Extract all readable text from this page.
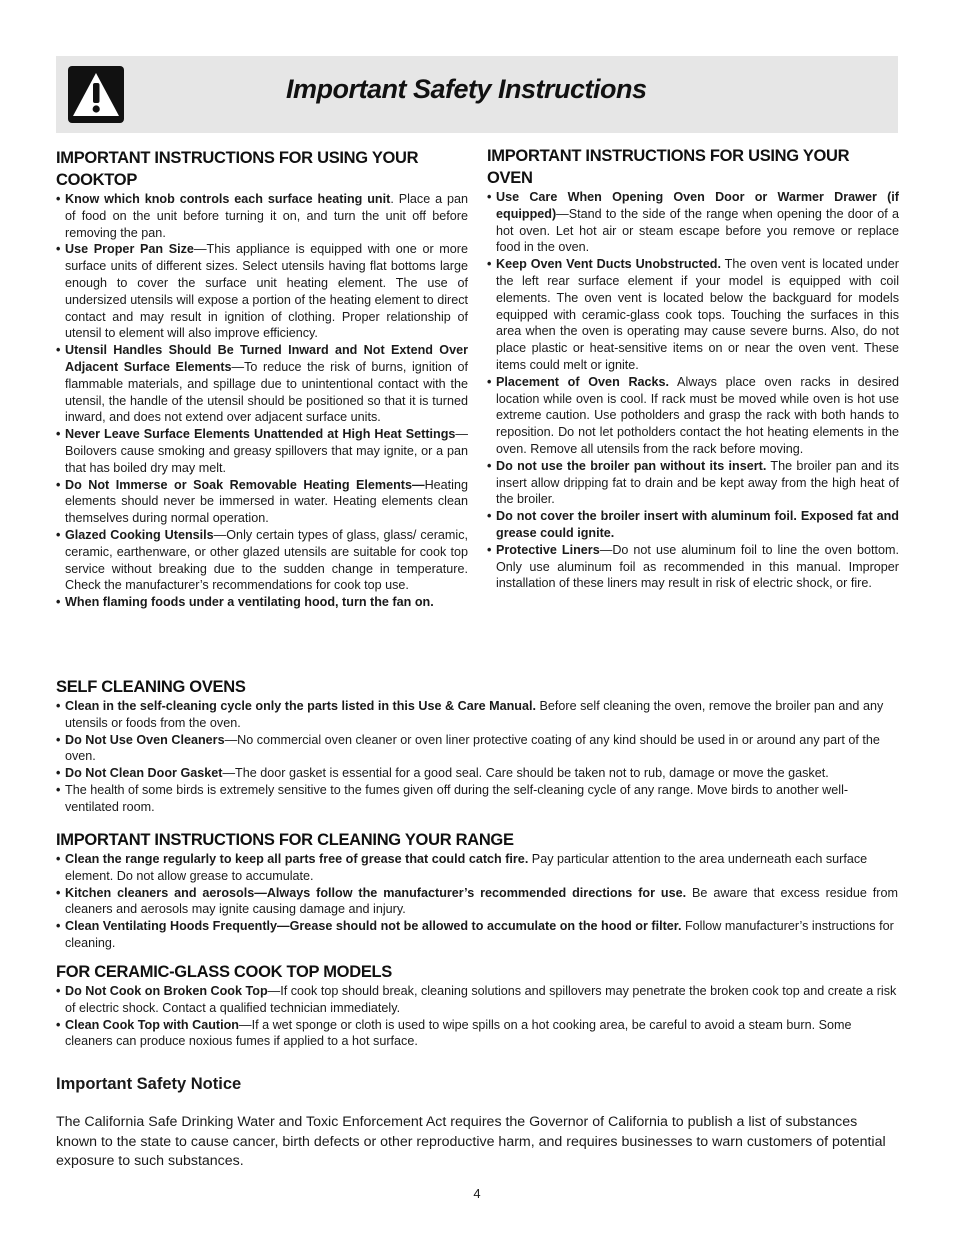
Important Safety Instructions
IMPORTANT INSTRUCTIONS FOR USING YOUR COOKTOP
• Know which knob controls each surface heating unit. Place a pan of food on the unit before turning it on, and turn the unit off before removing the pan.
• Use Proper Pan Size—This appliance is equipped with one or more surface units of different sizes. Select utensils having flat bottoms large enough to cover the surface unit heating element. The use of undersized utensils will expose a portion of the heating element to direct contact and may result in ignition of clothing. Proper relationship of utensil to element will also improve efficiency.
• Utensil Handles Should Be Turned Inward and Not Extend Over Adjacent Surface Elements—To reduce the risk of burns, ignition of flammable materials, and spillage due to unintentional contact with the utensil, the handle of the utensil should be positioned so that it is turned inward, and does not extend over adjacent surface units.
• Never Leave Surface Elements Unattended at High Heat Settings—Boilovers cause smoking and greasy spillovers that may ignite, or a pan that has boiled dry may melt.
• Do Not Immerse or Soak Removable Heating Elements—Heating elements should never be immersed in water. Heating elements clean themselves during normal operation.
• Glazed Cooking Utensils—Only certain types of glass, glass/ ceramic, ceramic, earthenware, or other glazed utensils are suitable for cook top service without breaking due to the sudden change in temperature. Check the manufacturer’s recommendations for cook top use.
• When flaming foods under a ventilating hood, turn the fan on.
IMPORTANT INSTRUCTIONS FOR USING YOUR OVEN
• Use Care When Opening Oven Door or Warmer Drawer (if equipped)—Stand to the side of the range when opening the door of a hot oven. Let hot air or steam escape before you remove or replace food in the oven.
• Keep Oven Vent Ducts Unobstructed. The oven vent is located under the left rear surface element if your model is equipped with coil elements. The oven vent is located below the backguard for models equipped with ceramic-glass cook tops. Touching the surfaces in this area when the oven is operating may cause severe burns. Also, do not place plastic or heat-sensitive items on or near the oven vent. These items could melt or ignite.
• Placement of Oven Racks. Always place oven racks in desired location while oven is cool. If rack must be moved while oven is hot use extreme caution. Use potholders and grasp the rack with both hands to reposition. Do not let potholders contact the hot heating elements in the oven. Remove all utensils from the rack before moving.
• Do not use the broiler pan without its insert. The broiler pan and its insert allow dripping fat to drain and be kept away from the high heat of the broiler.
• Do not cover the broiler insert with aluminum foil. Exposed fat and grease could ignite.
• Protective Liners—Do not use aluminum foil to line the oven bottom. Only use aluminum foil as recommended in this manual. Improper installation of these liners may result in risk of electric shock, or fire.
SELF CLEANING OVENS
• Clean in the self-cleaning cycle only the parts listed in this Use & Care Manual. Before self cleaning the oven, remove the broiler pan and any utensils or foods from the oven.
• Do Not Use Oven Cleaners—No commercial oven cleaner or oven liner protective coating of any kind should be used in or around any part of the oven.
• Do Not Clean Door Gasket—The door gasket is essential for a good seal. Care should be taken not to rub, damage or move the gasket.
• The health of some birds is extremely sensitive to the fumes given off during the self-cleaning cycle of any range. Move birds to another well-ventilated room.
IMPORTANT INSTRUCTIONS FOR CLEANING YOUR RANGE
• Clean the range regularly to keep all parts free of grease that could catch fire. Pay particular attention to the area underneath each surface element. Do not allow grease to accumulate.
• Kitchen cleaners and aerosols—Always follow the manufacturer’s recommended directions for use. Be aware that excess residue from cleaners and aerosols may ignite causing damage and injury.
• Clean Ventilating Hoods Frequently—Grease should not be allowed to accumulate on the hood or filter. Follow manufacturer’s instructions for cleaning.
FOR CERAMIC-GLASS COOK TOP MODELS
• Do Not Cook on Broken Cook Top—If cook top should break, cleaning solutions and spillovers may penetrate the broken cook top and create a risk of electric shock. Contact a qualified technician immediately.
• Clean Cook Top with Caution—If a wet sponge or cloth is used to wipe spills on a hot cooking area, be careful to avoid a steam burn. Some cleaners can produce noxious fumes if applied to a hot surface.
Important Safety Notice

The California Safe Drinking Water and Toxic Enforcement Act requires the Governor of California to publish a list of substances known to the state to cause cancer, birth defects or other reproductive harm, and requires businesses to warn customers of potential exposure to such substances.

4
